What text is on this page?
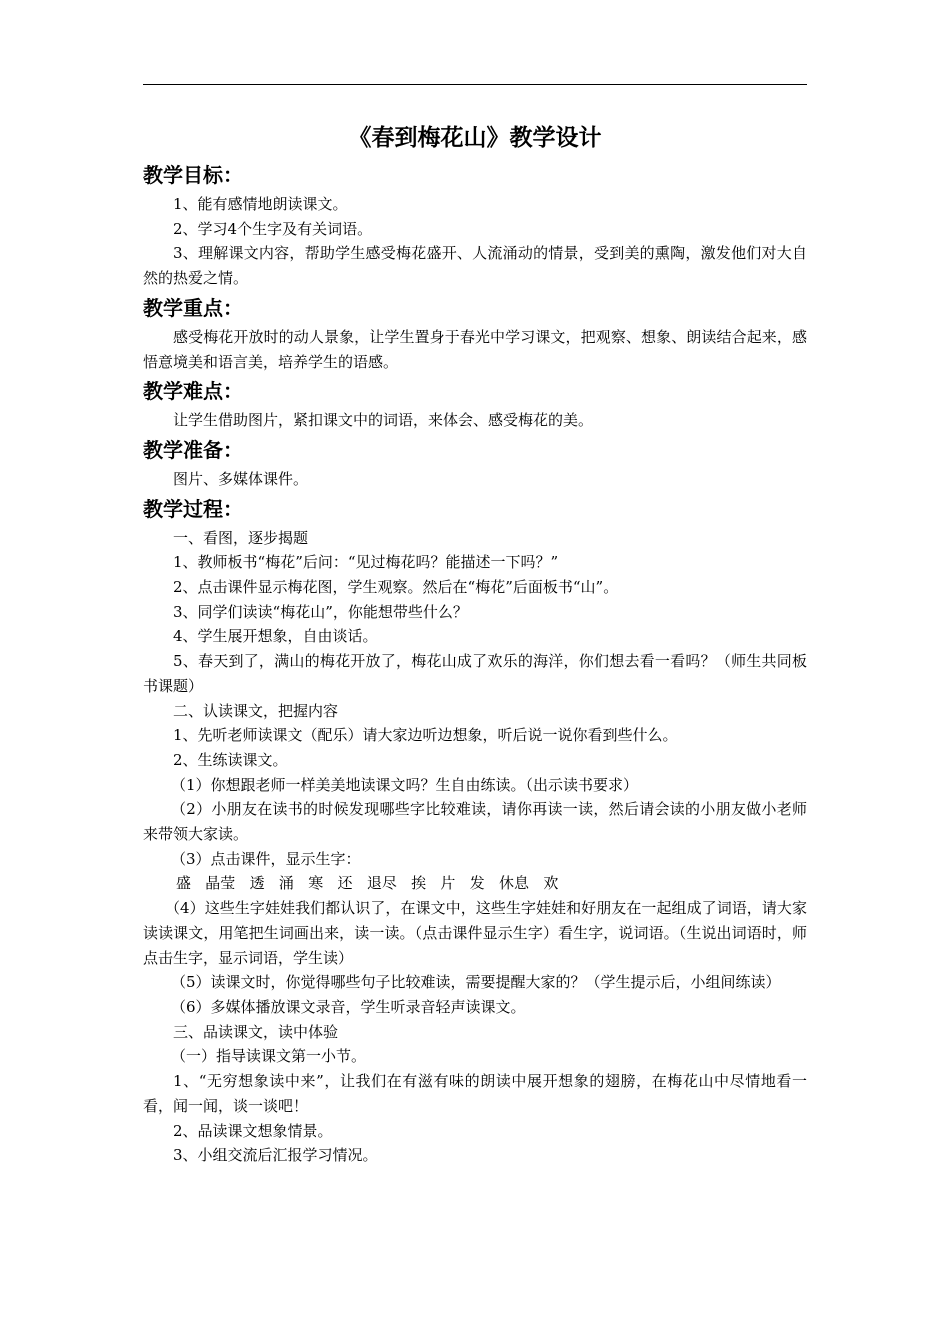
《春到梅花山》教学设计
教学目标：

1、能有感情地朗读课文。

2、学习4个生字及有关词语。

3、理解课文内容，帮助学生感受梅花盛开、人流涌动的情景，受到美的熏陶，激发他们对大自然的热爱之情。

教学重点：

感受梅花开放时的动人景象，让学生置身于春光中学习课文，把观察、想象、朗读结合起来，感悟意境美和语言美，培养学生的语感。

教学难点：

让学生借助图片，紧扣课文中的词语，来体会、感受梅花的美。

教学准备：

图片、多媒体课件。

教学过程：

一、看图，逐步揭题

1、教师板书“梅花”后问：“见过梅花吗？能描述一下吗？”

2、点击课件显示梅花图，学生观察。然后在“梅花”后面板书“山”。

3、同学们读读“梅花山”，你能想带些什么？

4、学生展开想象，自由谈话。

5、春天到了，满山的梅花开放了，梅花山成了欢乐的海洋，你们想去看一看吗？（师生共同板书课题）

二、认读课文，把握内容

1、先听老师读课文（配乐）请大家边听边想象，听后说一说你看到些什么。

2、生练读课文。

（1）你想跟老师一样美美地读课文吗？生自由练读。（出示读书要求）

（2）小朋友在读书的时候发现哪些字比较难读，请你再读一读，然后请会读的小朋友做小老师来带领大家读。

（3）点击课件，显示生字：

盛   晶莹   透   涌   寒   还   退尽   挨   片   发   休息   欢

（4）这些生字娃娃我们都认识了，在课文中，这些生字娃娃和好朋友在一起组成了词语，请大家读读课文，用笔把生词画出来，读一读。（点击课件显示生字）看生字，说词语。（生说出词语时，师点击生字，显示词语，学生读）

（5）读课文时，你觉得哪些句子比较难读，需要提醒大家的？（学生提示后，小组间练读）

（6）多媒体播放课文录音，学生听录音轻声读课文。

三、品读课文，读中体验

（一）指导读课文第一小节。

1、“无穷想象读中来”，让我们在有滋有味的朗读中展开想象的翅膀，在梅花山中尽情地看一看，闻一闻，谈一谈吧！

2、品读课文想象情景。

3、小组交流后汇报学习情况。
